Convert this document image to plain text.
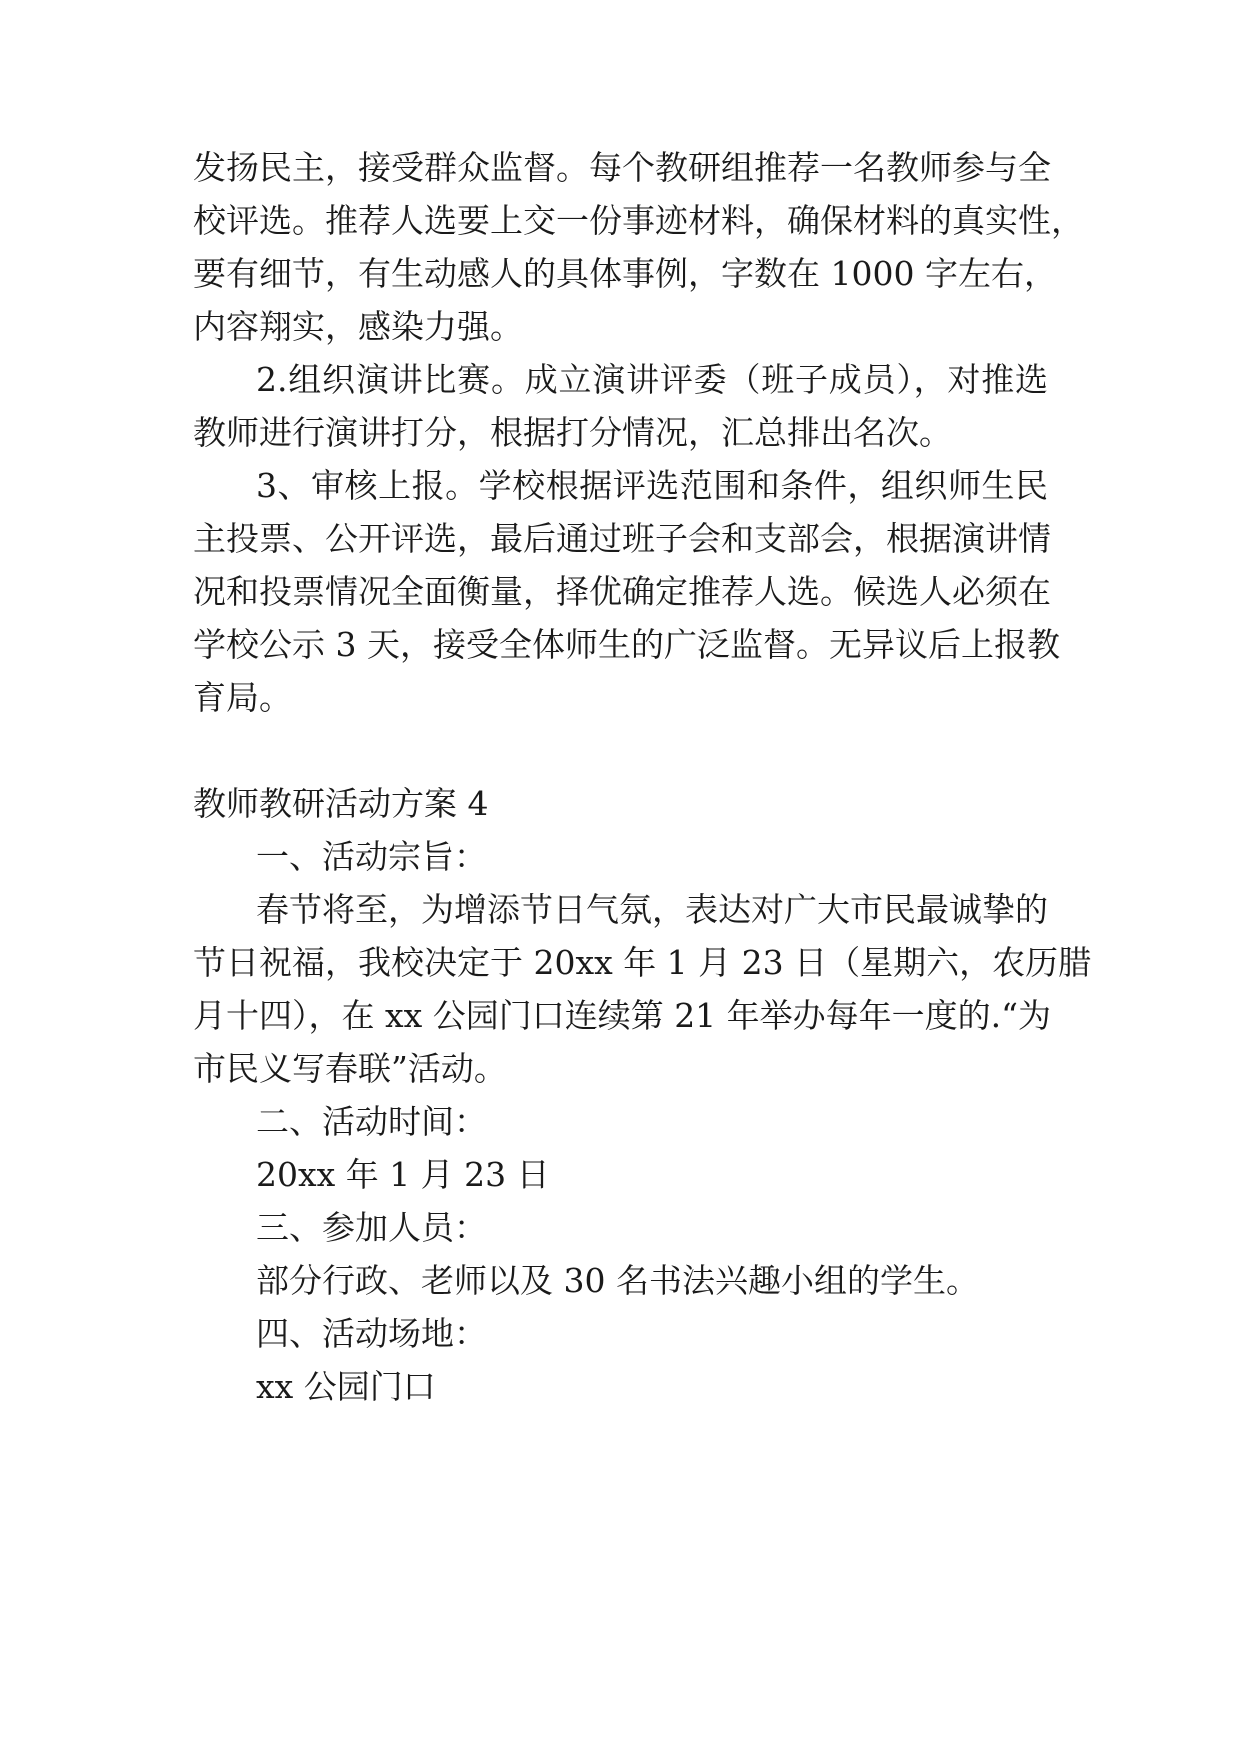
发扬民主，接受群众监督。每个教研组推荐一名教师参与全
校评选。推荐人选要上交一份事迹材料，确保材料的真实性，
要有细节，有生动感人的具体事例，字数在 1000 字左右，
内容翔实，感染力强。
2.组织演讲比赛。成立演讲评委（班子成员），对推选
教师进行演讲打分，根据打分情况，汇总排出名次。
3、审核上报。学校根据评选范围和条件，组织师生民
主投票、公开评选，最后通过班子会和支部会，根据演讲情
况和投票情况全面衡量，择优确定推荐人选。候选人必须在
学校公示 3 天，接受全体师生的广泛监督。无异议后上报教
育局。
教师教研活动方案 4
一、活动宗旨：
春节将至，为增添节日气氛，表达对广大市民最诚挚的
节日祝福，我校决定于 20xx 年 1 月 23 日（星期六，农历腊
月十四），在 xx 公园门口连续第 21 年举办每年一度的.“为
市民义写春联”活动。
二、活动时间：
20xx 年 1 月 23 日
三、参加人员：
部分行政、老师以及 30 名书法兴趣小组的学生。
四、活动场地：
xx 公园门口
